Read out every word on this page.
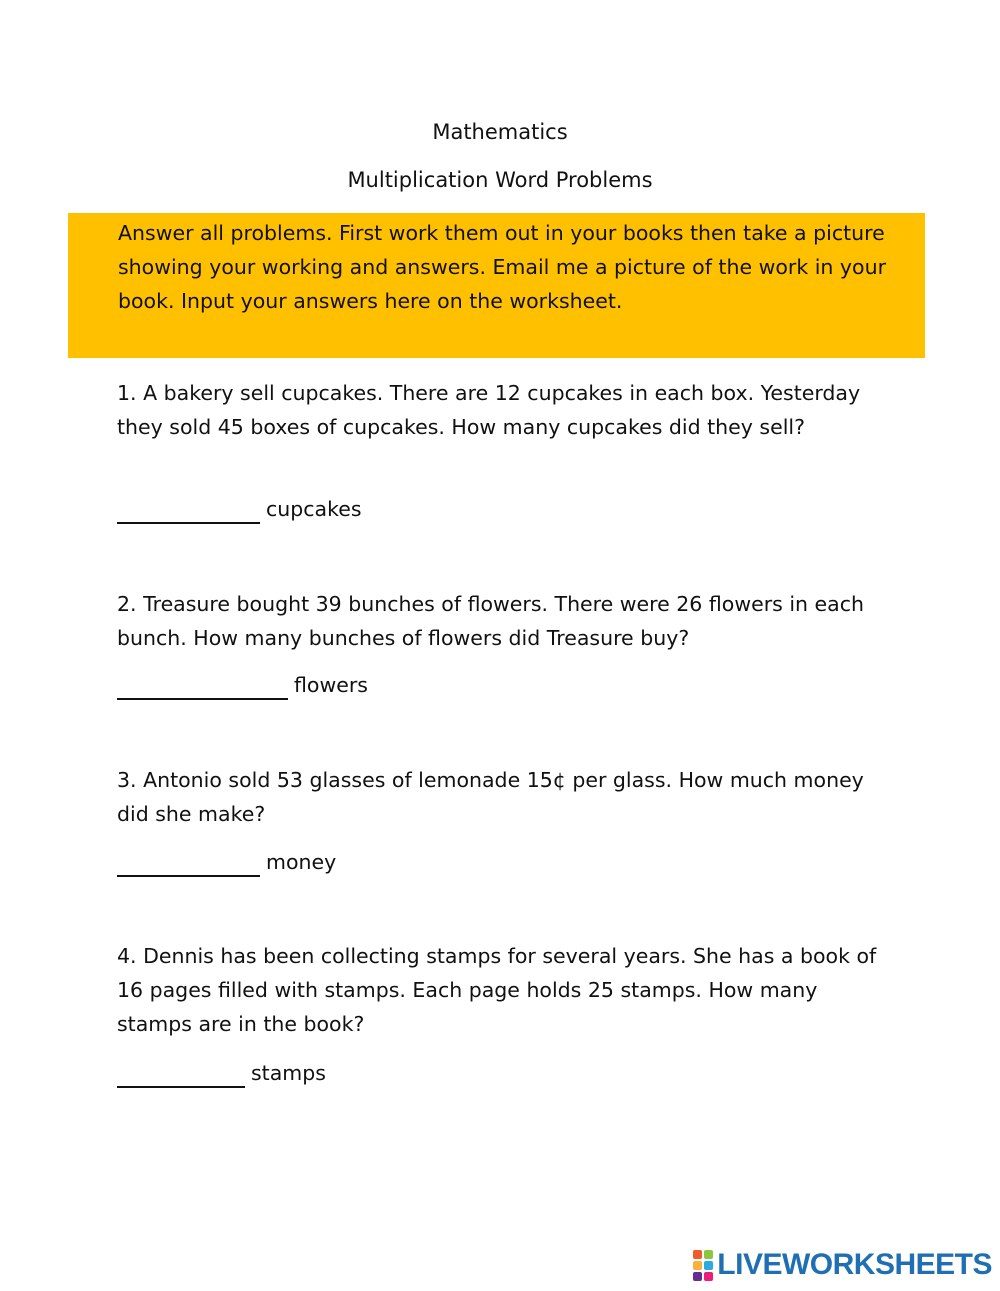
Mathematics
Multiplication Word Problems
Answer all problems. First work them out in your books then take a picture showing your working and answers. Email me a picture of the work in your book. Input your answers here on the worksheet.
1. A bakery sell cupcakes. There are 12 cupcakes in each box. Yesterday they sold 45 boxes of cupcakes. How many cupcakes did they sell?
cupcakes
2. Treasure bought 39 bunches of flowers. There were 26 flowers in each bunch. How many bunches of flowers did Treasure buy?
flowers
3. Antonio sold 53 glasses of lemonade 15¢ per glass. How much money did she make?
money
4. Dennis has been collecting stamps for several years. She has a book of 16 pages filled with stamps. Each page holds 25 stamps. How many stamps are in the book?
stamps
LIVEWORKSHEETS
